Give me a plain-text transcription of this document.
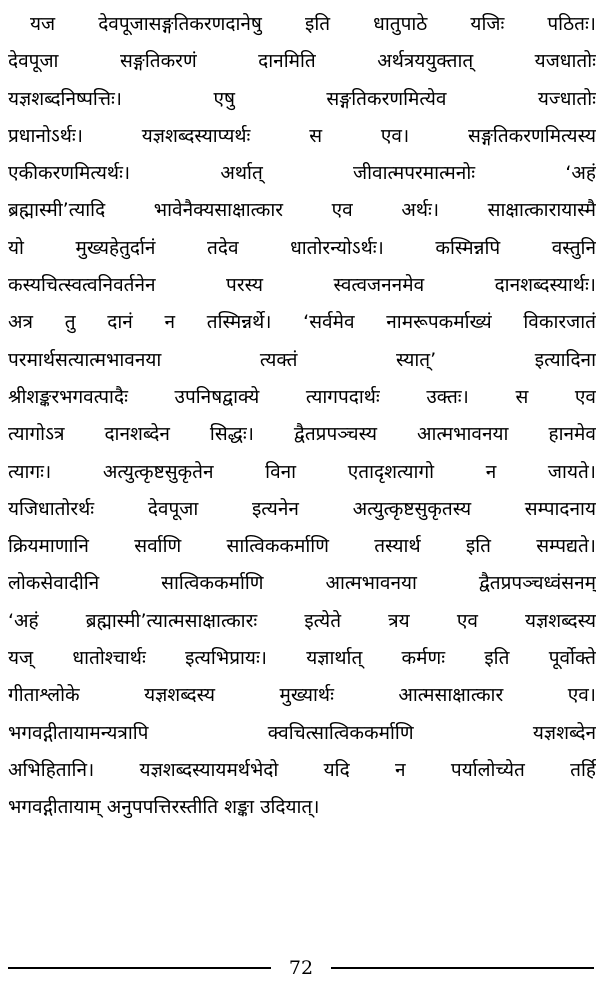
यज देवपूजासङ्गतिकरणदानेषु इति धातुपाठे यजिः पठितः।
देवपूजा सङ्गतिकरणं दानमिति अर्थत्रययुक्तात् यजधातोः
यज्ञशब्दनिष्पत्तिः। एषु सङ्गतिकरणमित्येव यज्धातोः
प्रधानोऽर्थः। यज्ञशब्दस्याप्यर्थः स एव। सङ्गतिकरणमित्यस्य
एकीकरणमित्यर्थः। अर्थात् जीवात्मपरमात्मनोः ‘अहं
ब्रह्मास्मी’त्यादि भावेनैक्यसाक्षात्कार एव अर्थः। साक्षात्कारायास्मै
यो मुख्यहेतुर्दानं तदेव धातोरन्योऽर्थः। कस्मिन्नपि वस्तुनि
कस्यचित्स्वत्वनिवर्तनेन परस्य स्वत्वजननमेव दानशब्दस्यार्थः।
अत्र तु दानं न तस्मिन्नर्थे। ‘सर्वमेव नामरूपकर्माख्यं विकारजातं
परमार्थसत्यात्मभावनया त्यक्तं स्यात्’ इत्यादिना
श्रीशङ्करभगवत्पादैः उपनिषद्वाक्ये त्यागपदार्थः उक्तः। स एव
त्यागोऽत्र दानशब्देन सिद्धः। द्वैतप्रपञ्चस्य आत्मभावनया हानमेव
त्यागः। अत्युत्कृष्टसुकृतेन विना एतादृशत्यागो न जायते।
यजिधातोरर्थः देवपूजा इत्यनेन अत्युत्कृष्टसुकृतस्य सम्पादनाय
क्रियमाणानि सर्वाणि सात्विककर्माणि तस्यार्थ इति सम्पद्यते।
लोकसेवादीनि सात्विककर्माणि आत्मभावनया द्वैतप्रपञ्चध्वंसनम्
‘अहं ब्रह्मास्मी’त्यात्मसाक्षात्कारः इत्येते त्रय एव यज्ञशब्दस्य
यज् धातोश्चार्थः इत्यभिप्रायः। यज्ञार्थात् कर्मणः इति पूर्वोक्ते
गीताश्लोके यज्ञशब्दस्य मुख्यार्थः आत्मसाक्षात्कार एव।
भगवद्गीतायामन्यत्रापि क्वचित्सात्विककर्माणि यज्ञशब्देन
अभिहितानि। यज्ञशब्दस्यायमर्थभेदो यदि न पर्यालोच्येत तर्हि
भगवद्गीतायाम् अनुपपत्तिरस्तीति शङ्का उदियात्।
72
